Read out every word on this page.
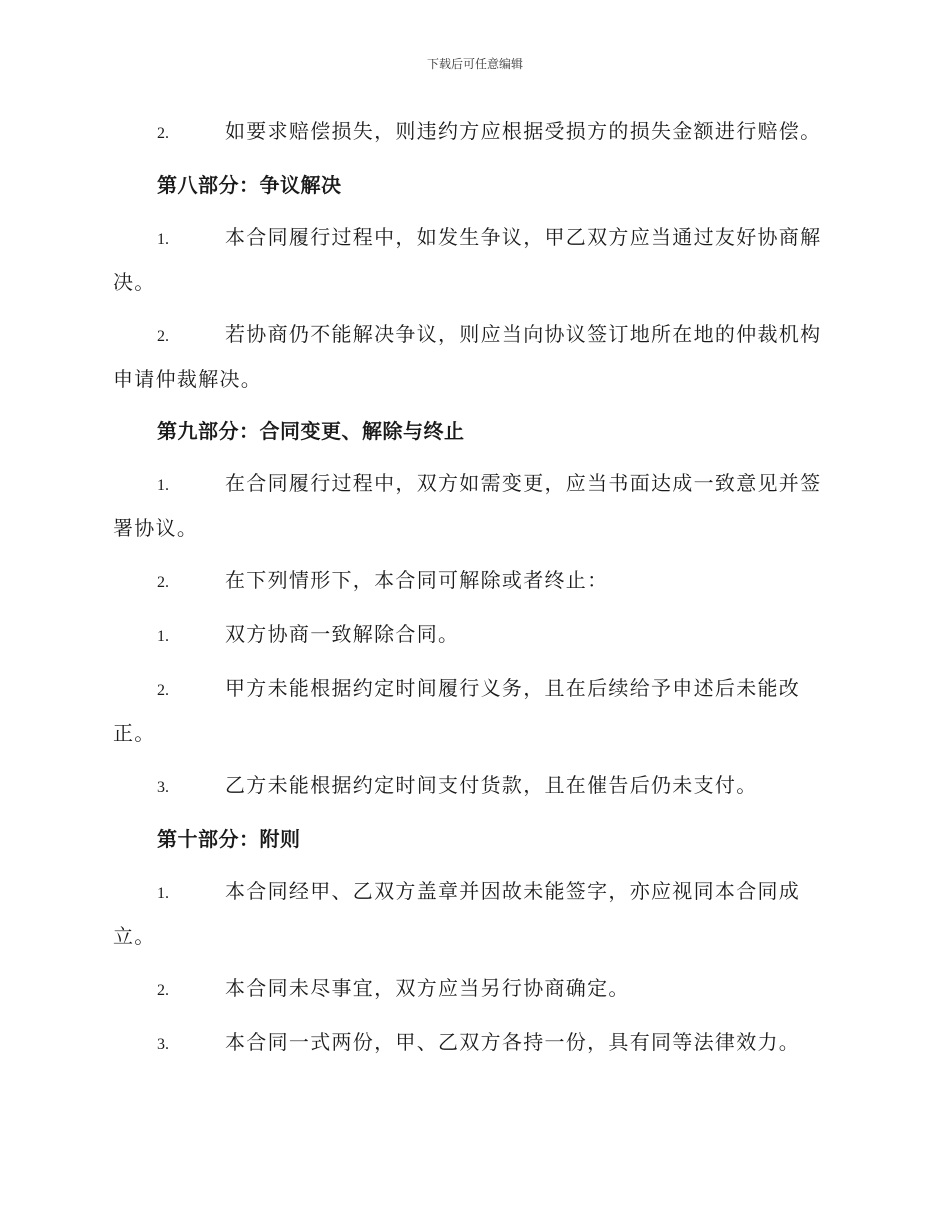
下载后可任意编辑

2.	如要求赔偿损失，则违约方应根据受损方的损失金额进行赔偿。

第八部分：争议解决

1.	本合同履行过程中，如发生争议，甲乙双方应当通过友好协商解决。

2.	若协商仍不能解决争议，则应当向协议签订地所在地的仲裁机构申请仲裁解决。

第九部分：合同变更、解除与终止

1.	在合同履行过程中，双方如需变更，应当书面达成一致意见并签署协议。

2.	在下列情形下，本合同可解除或者终止：

1.	双方协商一致解除合同。

2.	甲方未能根据约定时间履行义务，且在后续给予申述后未能改正。

3.	乙方未能根据约定时间支付货款，且在催告后仍未支付。

第十部分：附则

1.	本合同经甲、乙双方盖章并因故未能签字，亦应视同本合同成立。

2.	本合同未尽事宜，双方应当另行协商确定。

3.	本合同一式两份，甲、乙双方各持一份，具有同等法律效力。
